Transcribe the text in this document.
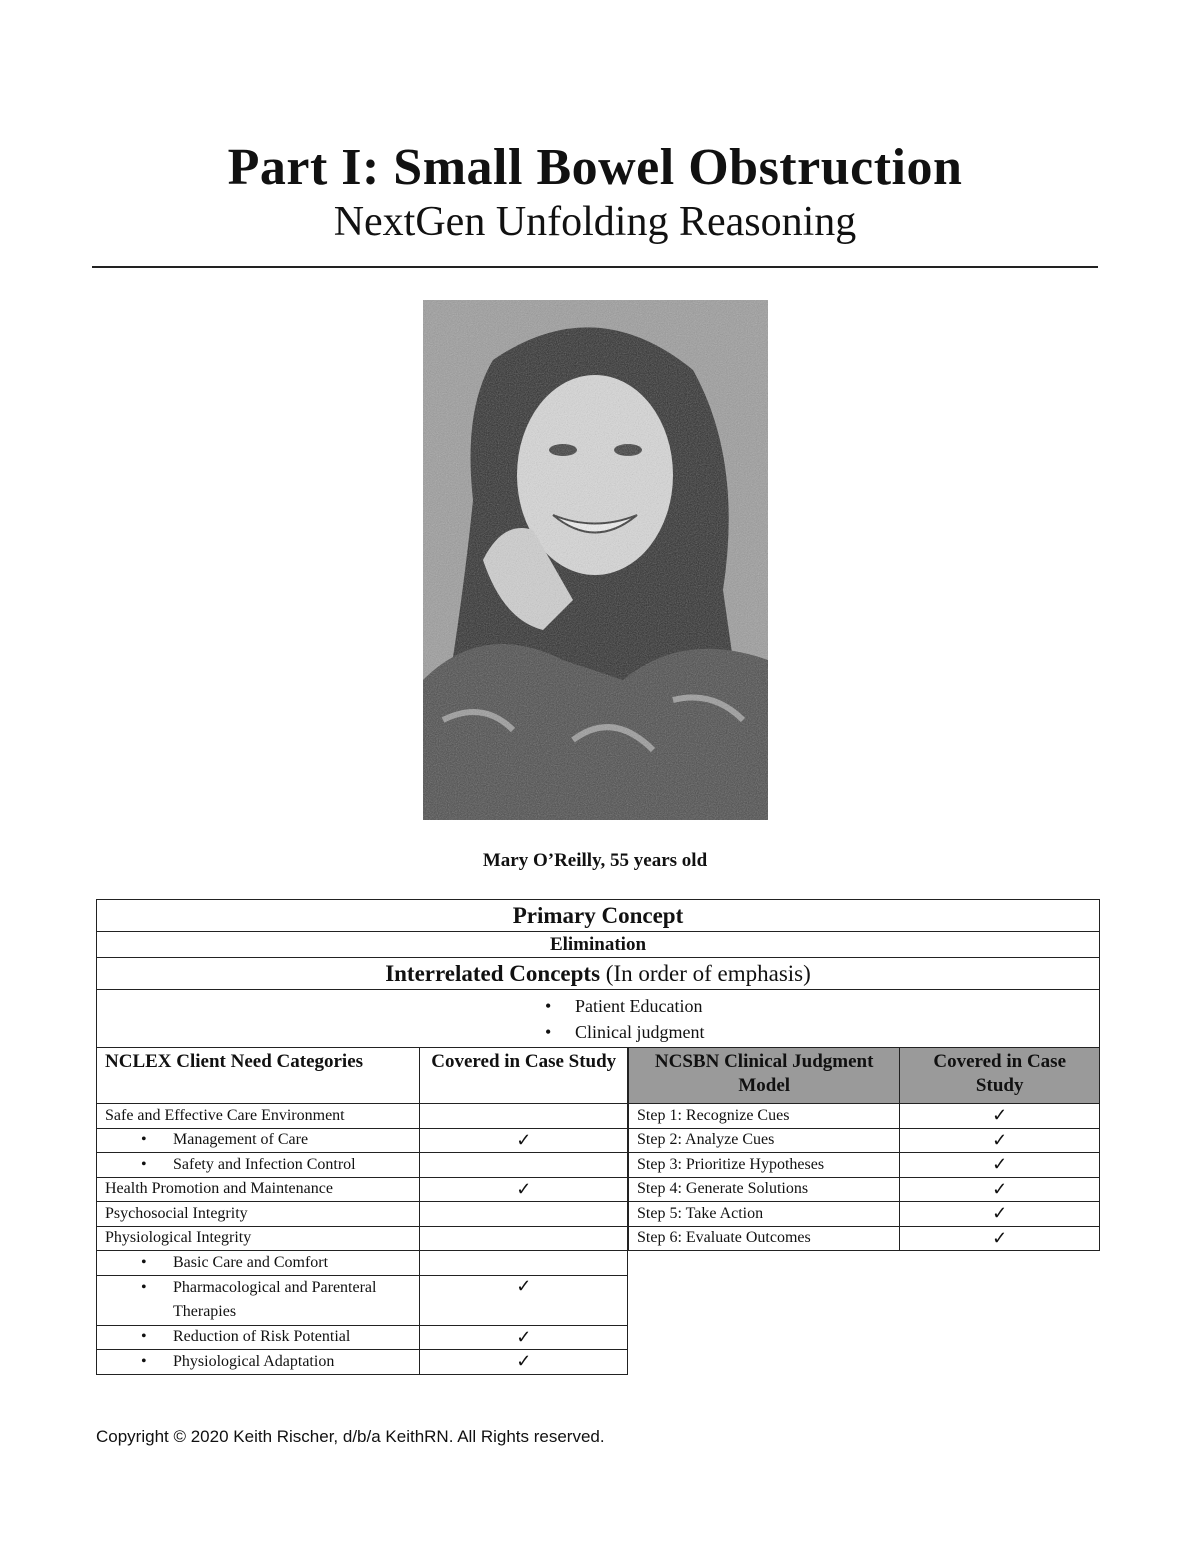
Part I: Small Bowel Obstruction
NextGen Unfolding Reasoning
Mary O’Reilly, 55 years old
Primary Concept
Elimination
Interrelated Concepts (In order of emphasis)
• Patient Education
• Clinical judgment
NCLEX Client Need Categories	Covered in Case Study
Safe and Effective Care Environment	
• Management of Care	✓
• Safety and Infection Control	
Health Promotion and Maintenance	✓
Psychosocial Integrity	
Physiological Integrity	
• Basic Care and Comfort	
• Pharmacological and Parenteral Therapies	✓
• Reduction of Risk Potential	✓
• Physiological Adaptation	✓
NCSBN Clinical Judgment Model	Covered in Case Study
Step 1: Recognize Cues	✓
Step 2: Analyze Cues	✓
Step 3: Prioritize Hypotheses	✓
Step 4: Generate Solutions	✓
Step 5: Take Action	✓
Step 6: Evaluate Outcomes	✓
Copyright © 2020 Keith Rischer, d/b/a KeithRN. All Rights reserved.
